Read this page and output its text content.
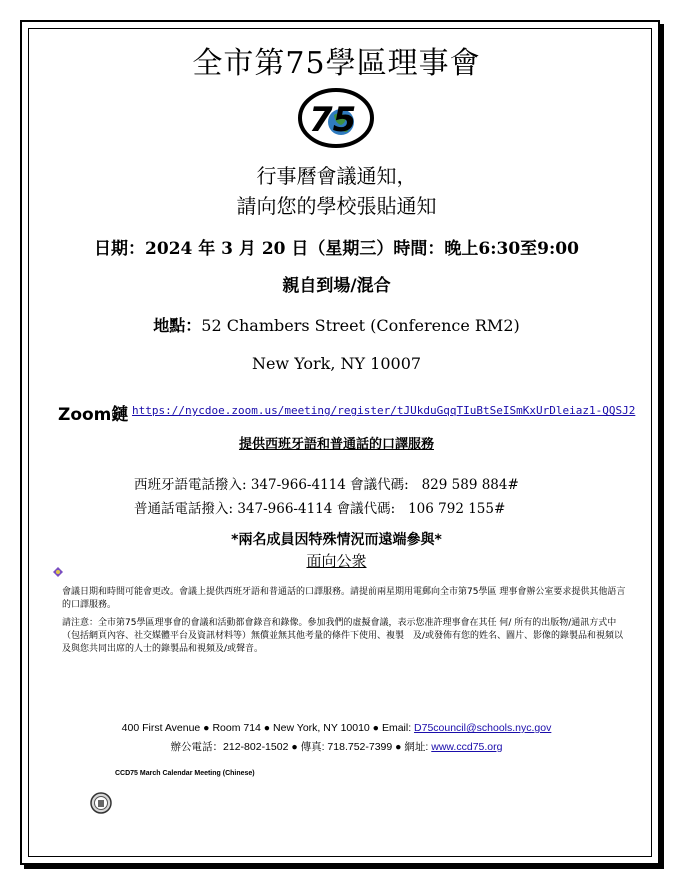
全市第75學區理事會
75
行事曆會議通知，
請向您的學校張貼通知
日期：2024 年 3 月 20 日（星期三）時間：晚上6:30至9:00
親自到場/混合
地點：52 Chambers Street (Conference RM2)
New York, NY 10007
Zoom鏈 https://nycdoe.zoom.us/meeting/register/tJUkduGqqTIuBtSeISmKxUrDleiaz1-QQSJ2
提供西班牙語和普通話的口譯服務
西班牙語電話撥入: 347-966-4114 會議代碼: 829 589 884#
普通話電話撥入: 347-966-4114 會議代碼: 106 792 155#
*兩名成員因特殊情況而遠端參與*
面向公衆
會議日期和時間可能會更改。會議上提供西班牙語和普通話的口譯服務。請提前兩星期用電郵向全市第75學區 理事會辦公室要求提供其他語言的口譯服務。
請注意：全市第75學區理事會的會議和活動都會錄音和錄像。參加我們的虛擬會議，表示您准許理事會在其任 何/ 所有的出版物/通訊方式中（包括網頁內容、社交媒體平台及資訊材料等）無償並無其他考量的條件下使用、複製　及/或發佈有您的姓名、圖片、影像的錄製品和視頻以及與您共同出席的人士的錄製品和視頻及/或聲音。
400 First Avenue ● Room 714 ● New York, NY 10010 ● Email: D75council@schools.nyc.gov
辦公電話：212-802-1502 ● 傳真: 718.752-7399 ● 網址: www.ccd75.org
CCD75 March Calendar Meeting (Chinese)
